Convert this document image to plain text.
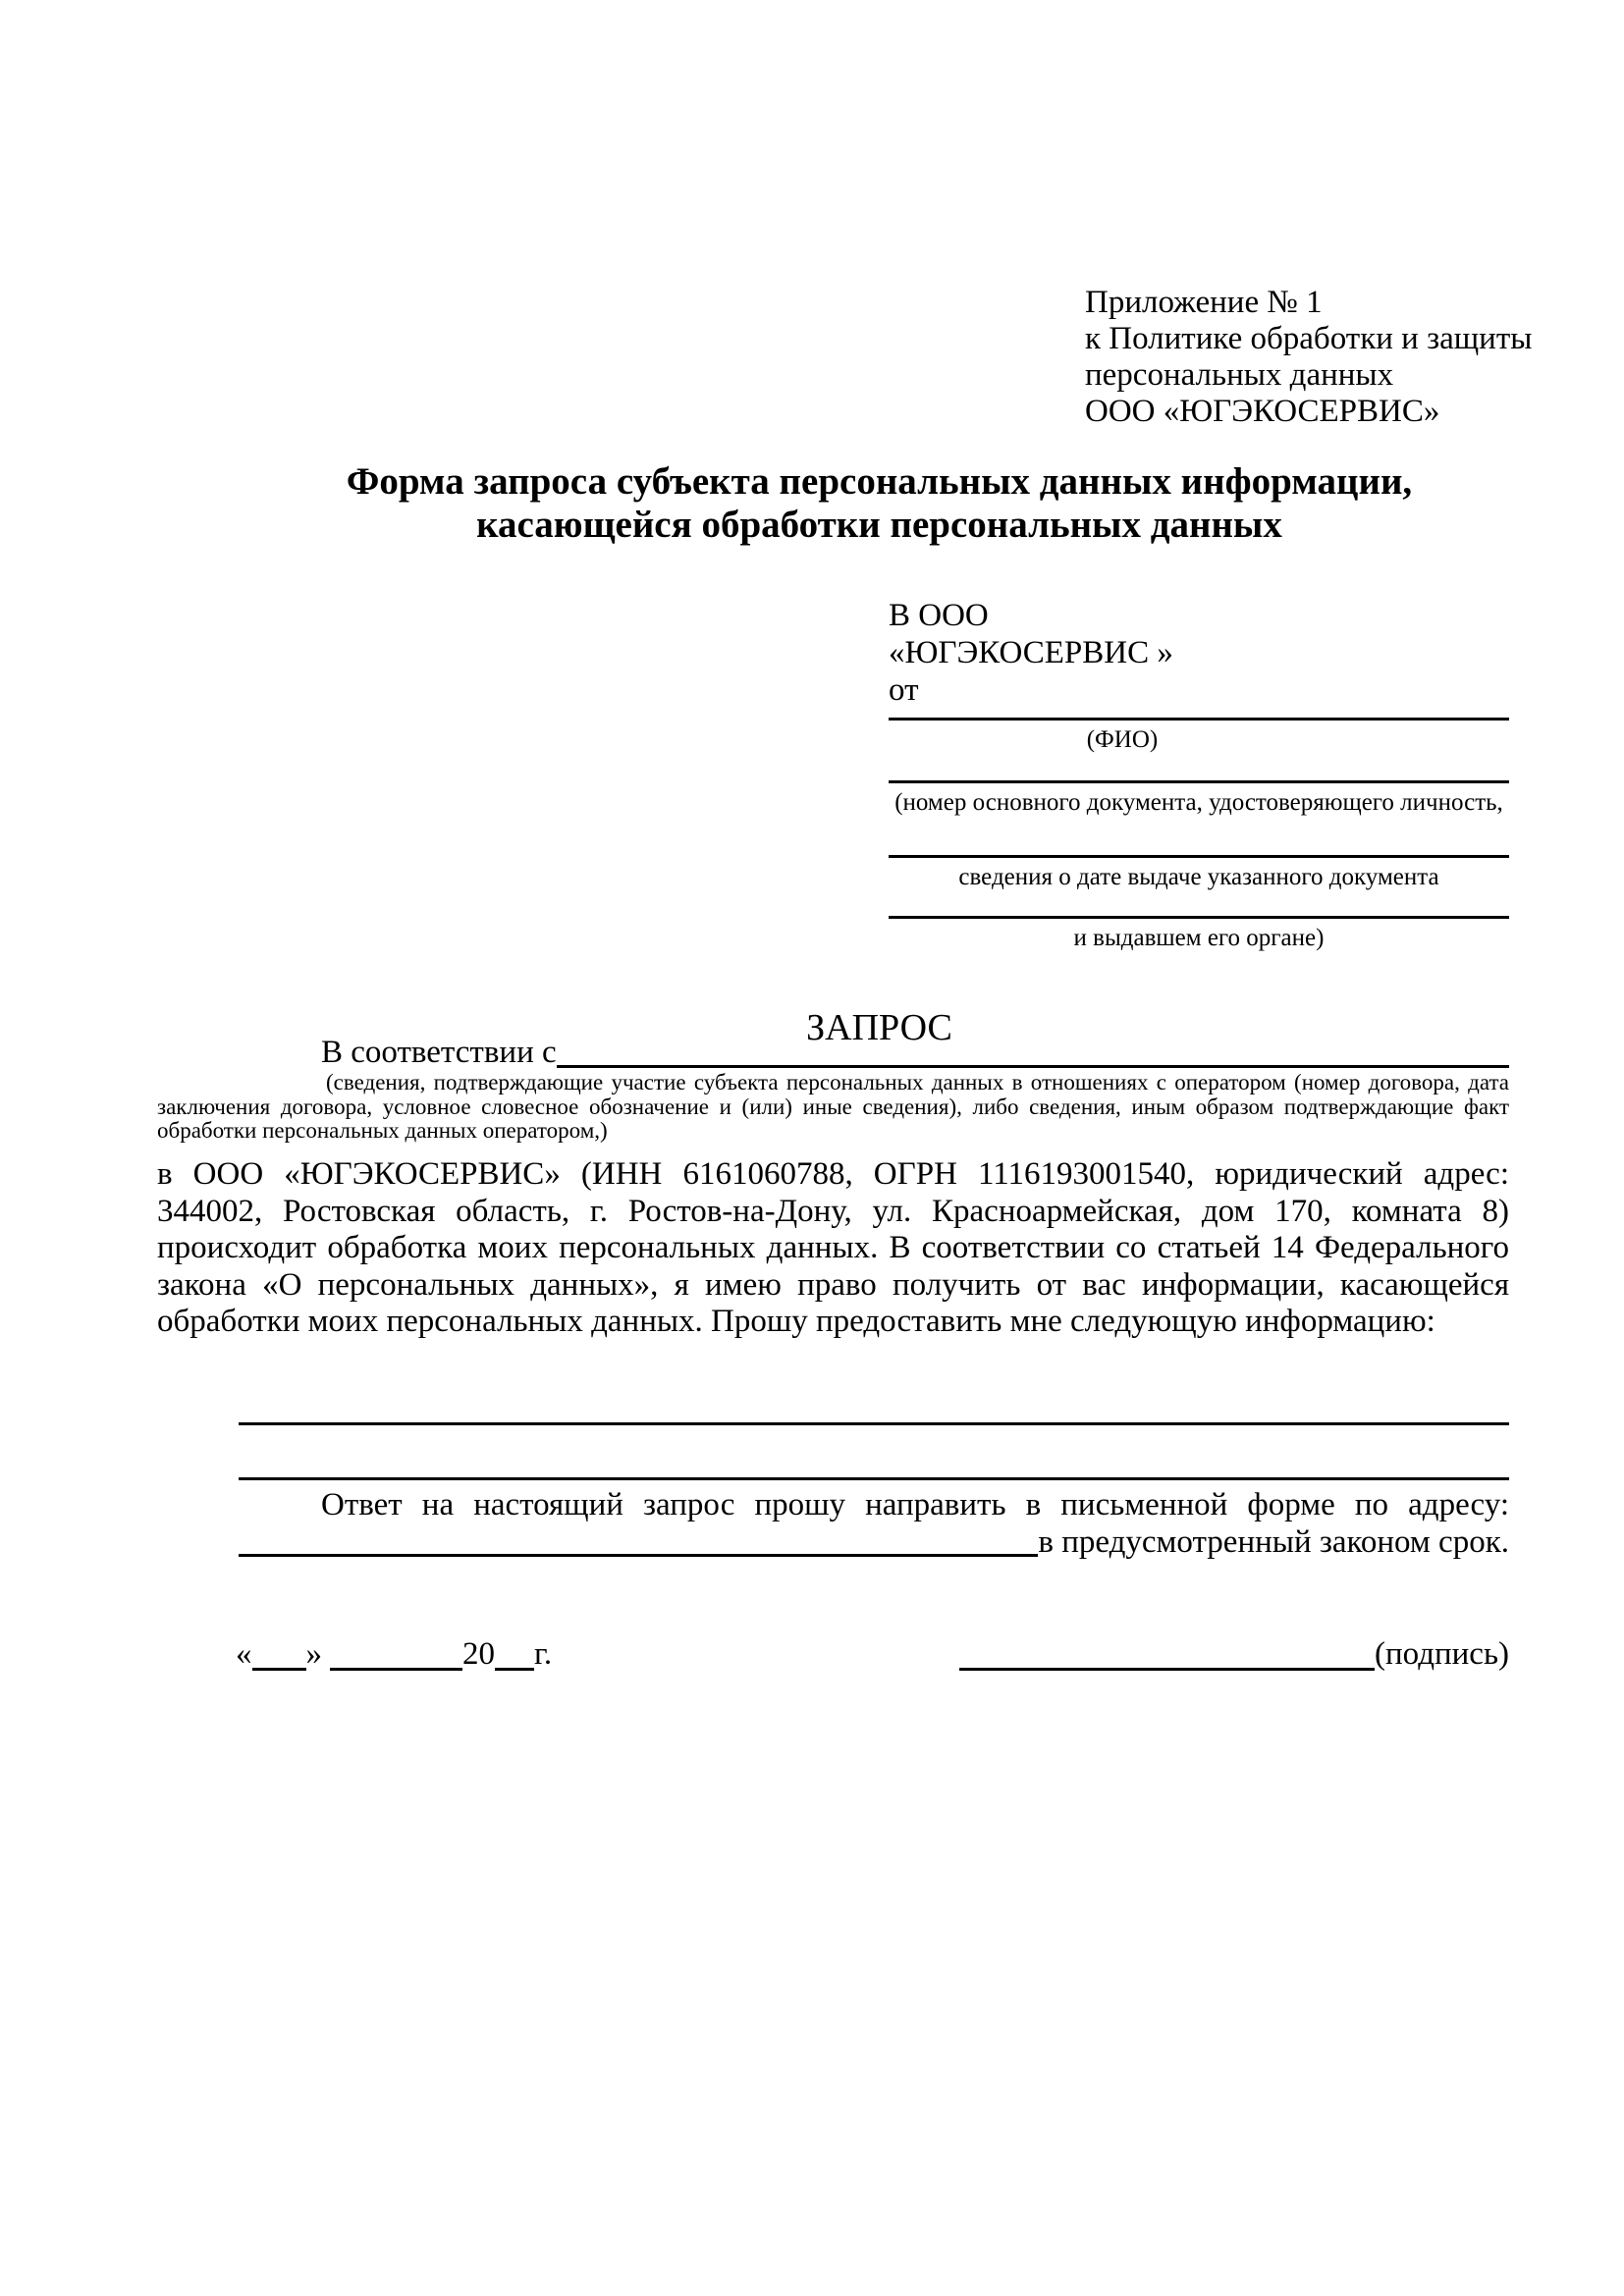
Приложение № 1
к Политике обработки и защиты
персональных данных
ООО «ЮГЭКОСЕРВИС»
Форма запроса субъекта персональных данных информации,
касающейся обработки персональных данных
В ООО
«ЮГЭКОСЕРВИС »
от
(ФИО)
(номер основного документа, удостоверяющего личность,
сведения о дате выдаче указанного документа
и выдавшем его органе)
ЗАПРОС
В соответствии с
(сведения, подтверждающие участие субъекта персональных данных в отношениях с оператором (номер договора, дата заключения договора, условное словесное обозначение и (или) иные сведения), либо сведения, иным образом подтверждающие факт обработки персональных данных оператором,)
в ООО «ЮГЭКОСЕРВИС» (ИНН 6161060788, ОГРН 1116193001540, юридический адрес: 344002, Ростовская область, г. Ростов-на-Дону, ул. Красноармейская, дом 170, комната 8) происходит обработка моих персональных данных. В соответствии со статьей 14 Федерального закона «О персональных данных», я имею право получить от вас информации, касающейся обработки моих персональных данных. Прошу предоставить мне следующую информацию:
Ответ на настоящий запрос прошу направить в письменной форме по адресу:
в предусмотренный законом срок.
« »	20 г.	(подпись)
